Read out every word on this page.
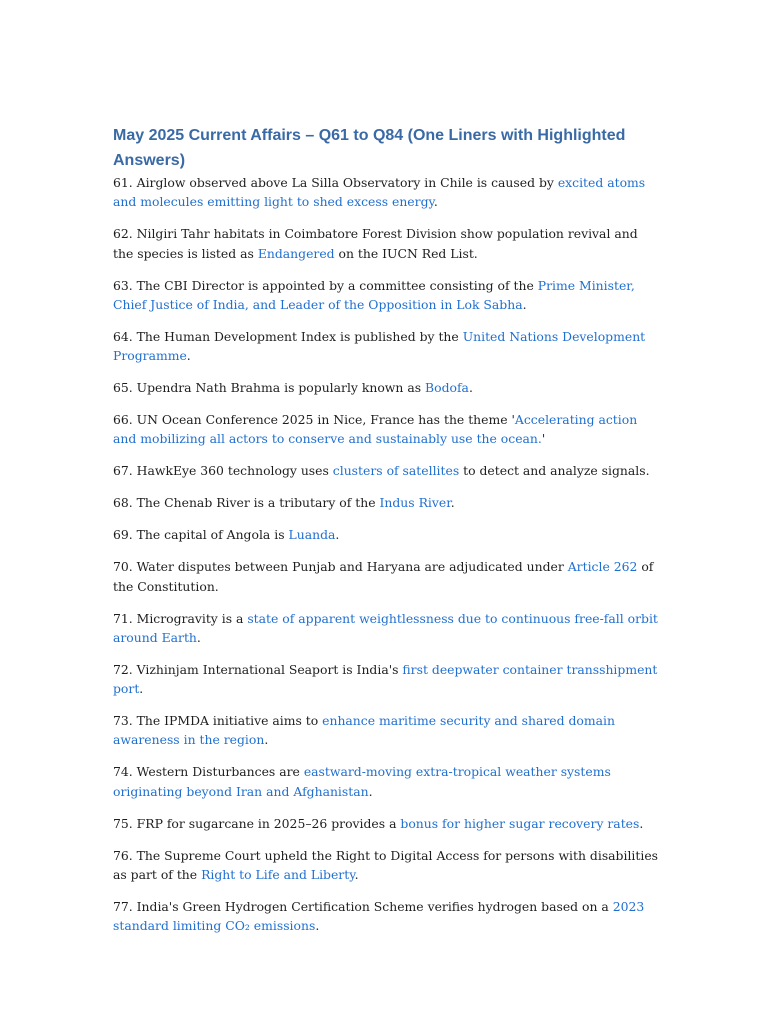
May 2025 Current Affairs – Q61 to Q84 (One Liners with Highlighted Answers)

61. Airglow observed above La Silla Observatory in Chile is caused by excited atoms and molecules emitting light to shed excess energy.

62. Nilgiri Tahr habitats in Coimbatore Forest Division show population revival and the species is listed as Endangered on the IUCN Red List.

63. The CBI Director is appointed by a committee consisting of the Prime Minister, Chief Justice of India, and Leader of the Opposition in Lok Sabha.

64. The Human Development Index is published by the United Nations Development Programme.

65. Upendra Nath Brahma is popularly known as Bodofa.

66. UN Ocean Conference 2025 in Nice, France has the theme 'Accelerating action and mobilizing all actors to conserve and sustainably use the ocean.'

67. HawkEye 360 technology uses clusters of satellites to detect and analyze signals.

68. The Chenab River is a tributary of the Indus River.

69. The capital of Angola is Luanda.

70. Water disputes between Punjab and Haryana are adjudicated under Article 262 of the Constitution.

71. Microgravity is a state of apparent weightlessness due to continuous free-fall orbit around Earth.

72. Vizhinjam International Seaport is India's first deepwater container transshipment port.

73. The IPMDA initiative aims to enhance maritime security and shared domain awareness in the region.

74. Western Disturbances are eastward-moving extra-tropical weather systems originating beyond Iran and Afghanistan.

75. FRP for sugarcane in 2025–26 provides a bonus for higher sugar recovery rates.

76. The Supreme Court upheld the Right to Digital Access for persons with disabilities as part of the Right to Life and Liberty.

77. India's Green Hydrogen Certification Scheme verifies hydrogen based on a 2023 standard limiting CO₂ emissions.
